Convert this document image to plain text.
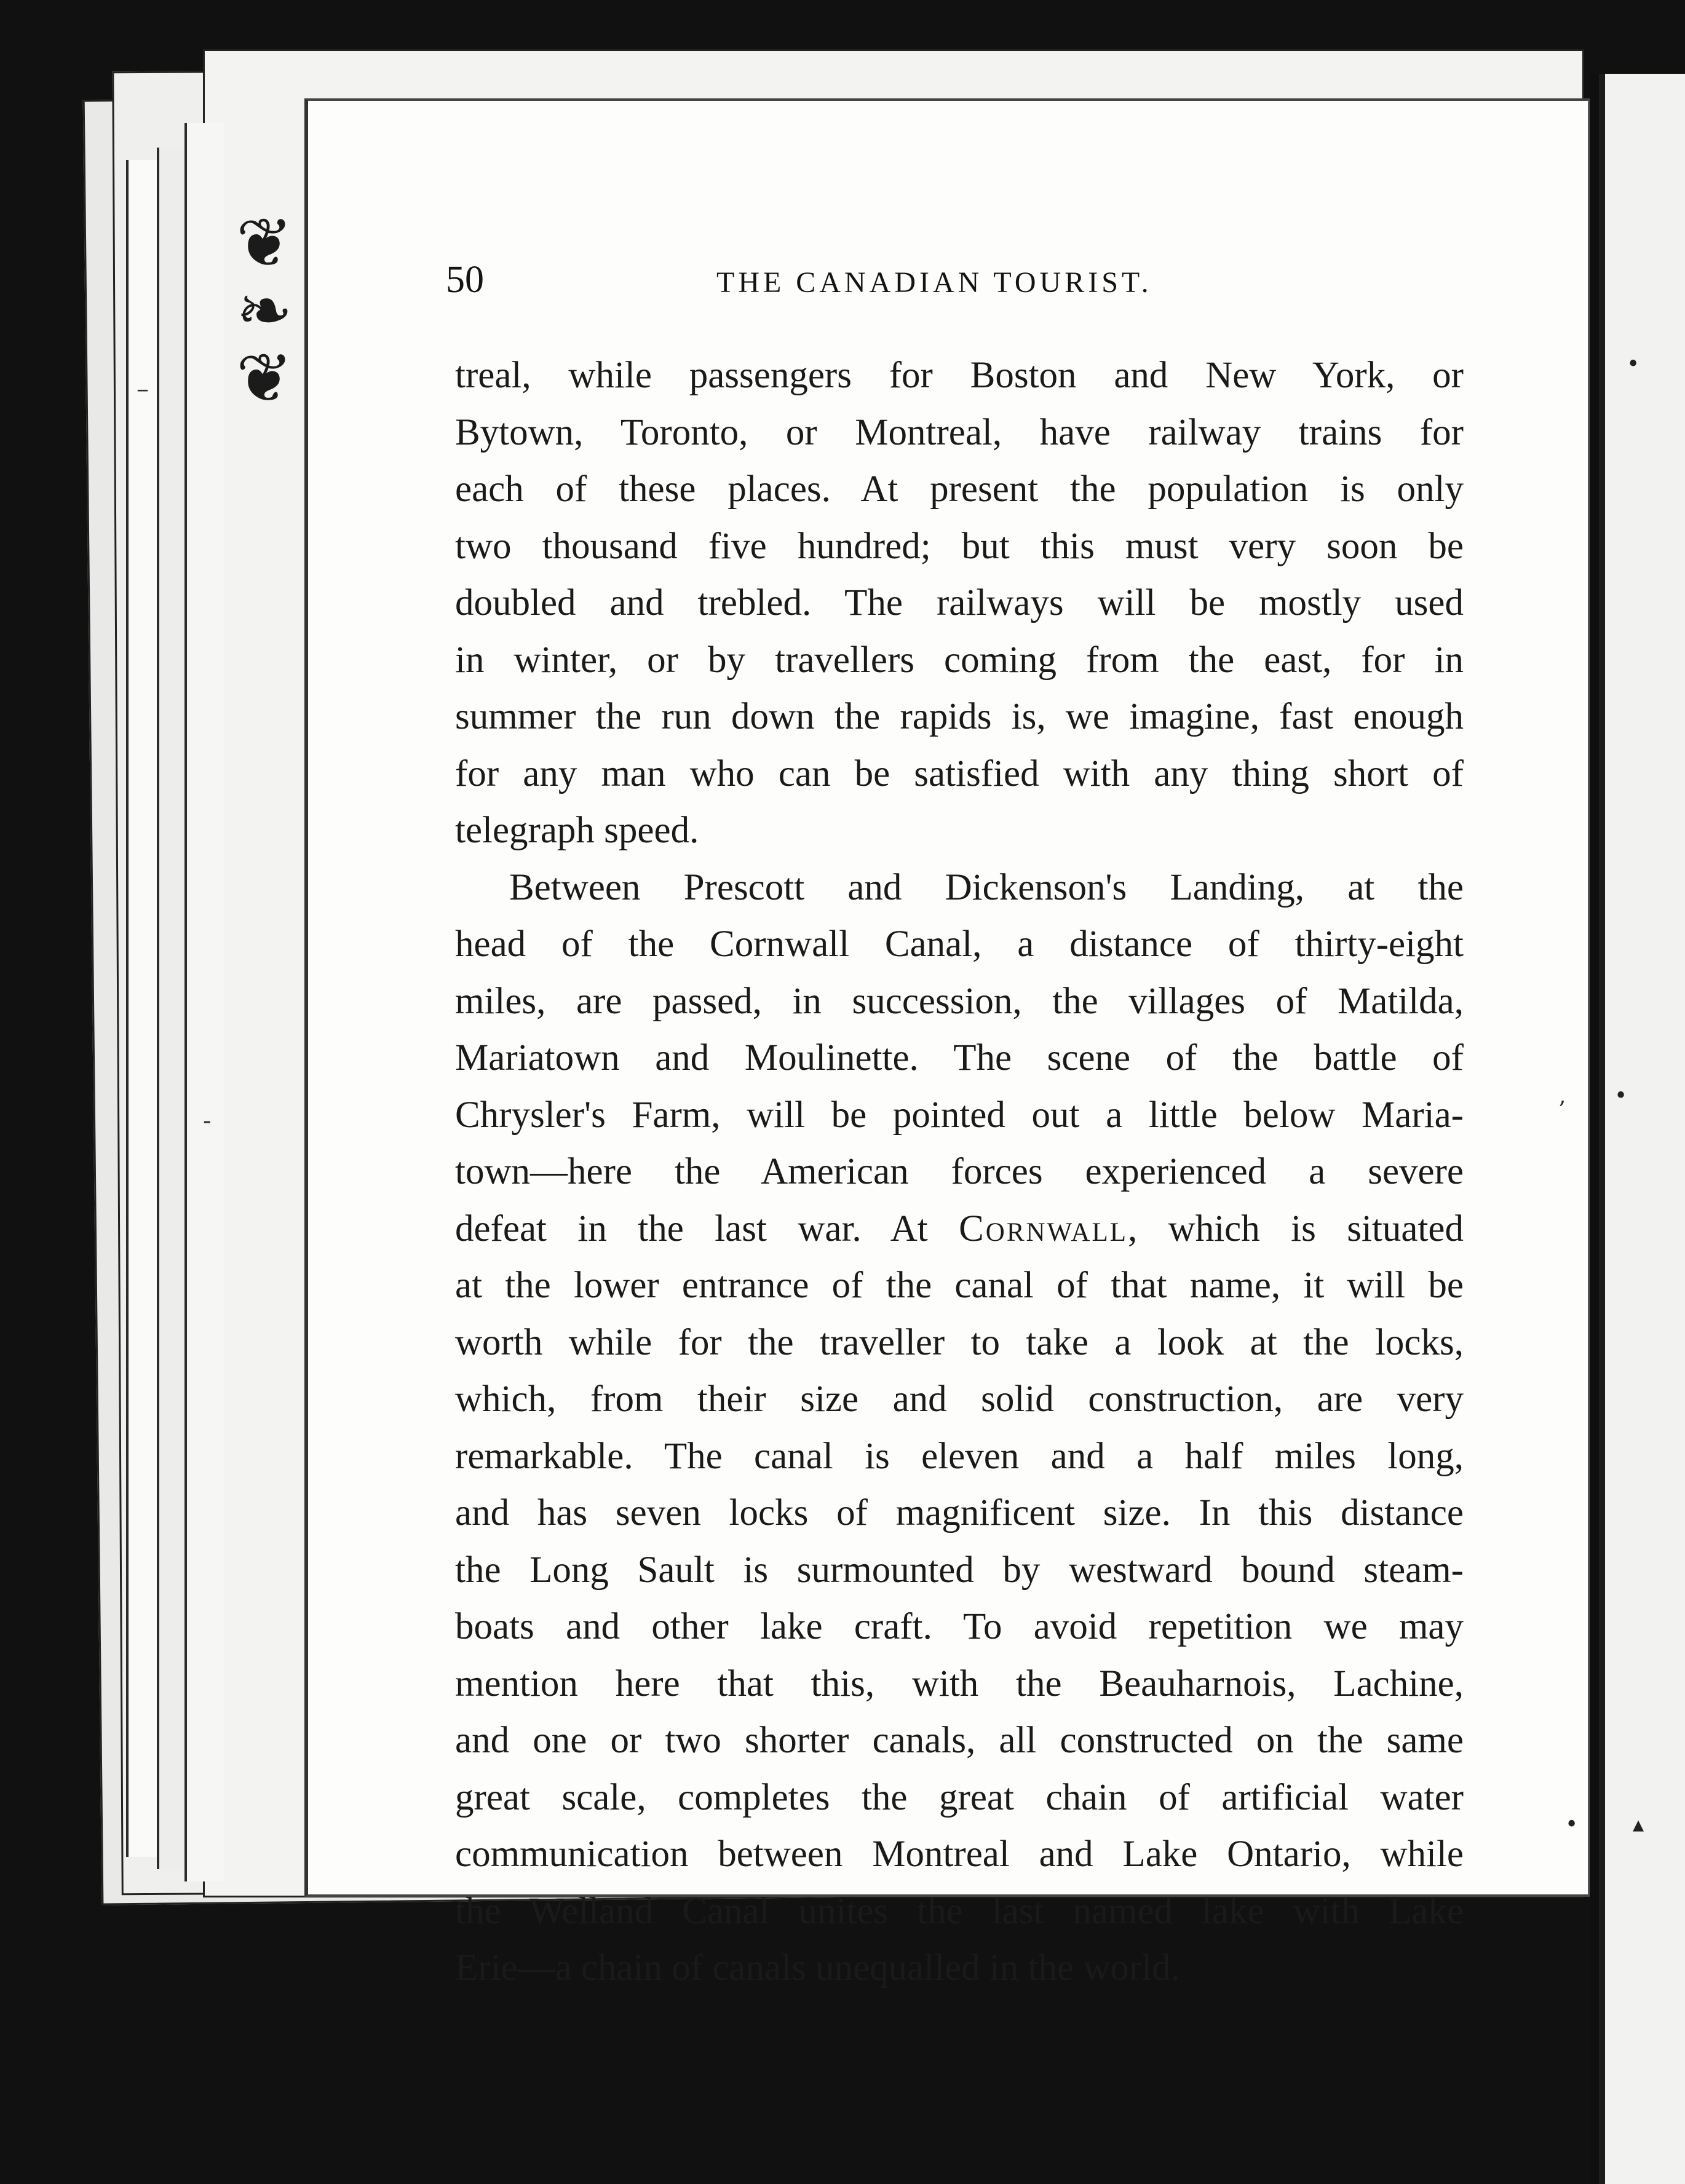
❦
❧
❦
–
-
•
, •
• ▴
50	THE CANADIAN TOURIST.
treal, while passengers for Boston and New York, or
Bytown, Toronto, or Montreal, have railway trains for
each of these places. At present the population is only
two thousand five hundred; but this must very soon be
doubled and trebled. The railways will be mostly used
in winter, or by travellers coming from the east, for in
summer the run down the rapids is, we imagine, fast enough
for any man who can be satisfied with any thing short of
telegraph speed.
Between Prescott and Dickenson's Landing, at the
head of the Cornwall Canal, a distance of thirty-eight
miles, are passed, in succession, the villages of Matilda,
Mariatown and Moulinette. The scene of the battle of
Chrysler's Farm, will be pointed out a little below Maria-
town—here the American forces experienced a severe
defeat in the last war. At Cornwall, which is situated
at the lower entrance of the canal of that name, it will be
worth while for the traveller to take a look at the locks,
which, from their size and solid construction, are very
remarkable. The canal is eleven and a half miles long,
and has seven locks of magnificent size. In this distance
the Long Sault is surmounted by westward bound steam-
boats and other lake craft. To avoid repetition we may
mention here that this, with the Beauharnois, Lachine,
and one or two shorter canals, all constructed on the same
great scale, completes the great chain of artificial water
communication between Montreal and Lake Ontario, while
the Welland Canal unites the last named lake with Lake
Erie—a chain of canals unequalled in the world.
